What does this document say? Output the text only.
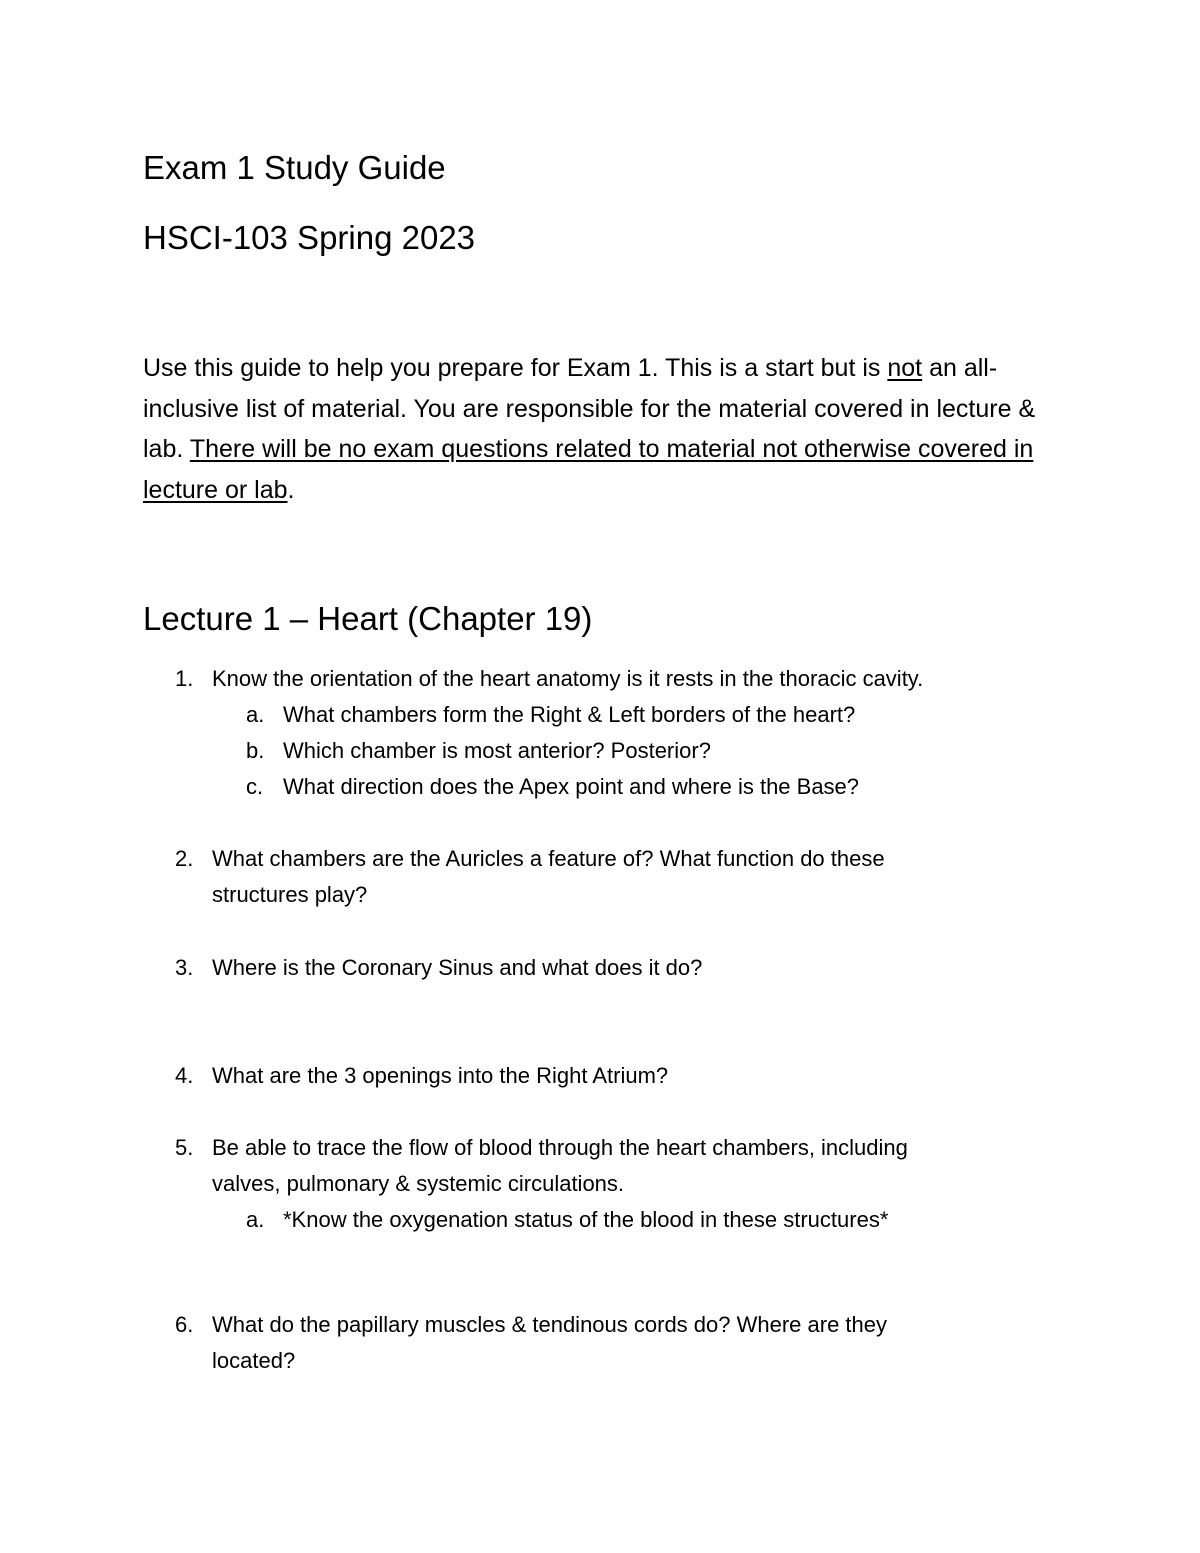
Exam 1 Study Guide
HSCI-103 Spring 2023
Use this guide to help you prepare for Exam 1. This is a start but is not an all-inclusive list of material. You are responsible for the material covered in lecture & lab. There will be no exam questions related to material not otherwise covered in lecture or lab.
Lecture 1 – Heart (Chapter 19)
1. Know the orientation of the heart anatomy is it rests in the thoracic cavity.
a. What chambers form the Right & Left borders of the heart?
b. Which chamber is most anterior? Posterior?
c. What direction does the Apex point and where is the Base?
2. What chambers are the Auricles a feature of? What function do these
structures play?
3. Where is the Coronary Sinus and what does it do?
4. What are the 3 openings into the Right Atrium?
5. Be able to trace the flow of blood through the heart chambers, including
valves, pulmonary & systemic circulations.
a. *Know the oxygenation status of the blood in these structures*
6. What do the papillary muscles & tendinous cords do? Where are they
located?
